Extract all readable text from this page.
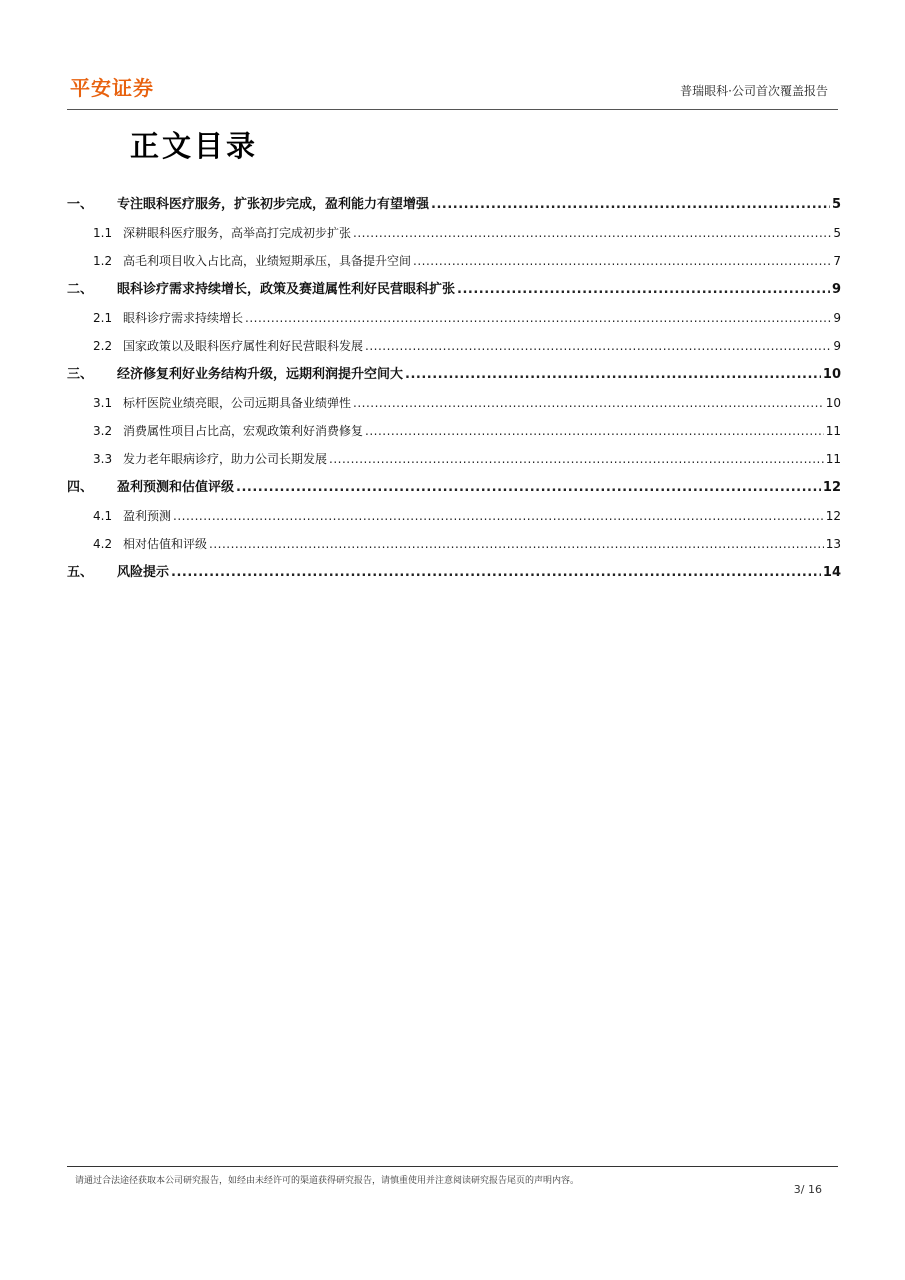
平安证券	普瑞眼科·公司首次覆盖报告
正文目录
一、	专注眼科医疗服务，扩张初步完成，盈利能力有望增强 .....	5
1.1 深耕眼科医疗服务，高举高打完成初步扩张 .....	5
1.2 高毛利项目收入占比高，业绩短期承压，具备提升空间 .....	7
二、	眼科诊疗需求持续增长，政策及赛道属性利好民营眼科扩张 .....	9
2.1 眼科诊疗需求持续增长 .....	9
2.2 国家政策以及眼科医疗属性利好民营眼科发展 .....	9
三、	经济修复利好业务结构升级，远期利润提升空间大 .....	10
3.1 标杆医院业绩亮眼，公司远期具备业绩弹性 .....	10
3.2 消费属性项目占比高，宏观政策利好消费修复 .....	11
3.3 发力老年眼病诊疗，助力公司长期发展 .....	11
四、	盈利预测和估值评级 .....	12
4.1 盈利预测 .....	12
4.2 相对估值和评级 .....	13
五、	风险提示 .....	14
请通过合法途径获取本公司研究报告，如经由未经许可的渠道获得研究报告，请慎重使用并注意阅读研究报告尾页的声明内容。
3/ 16
